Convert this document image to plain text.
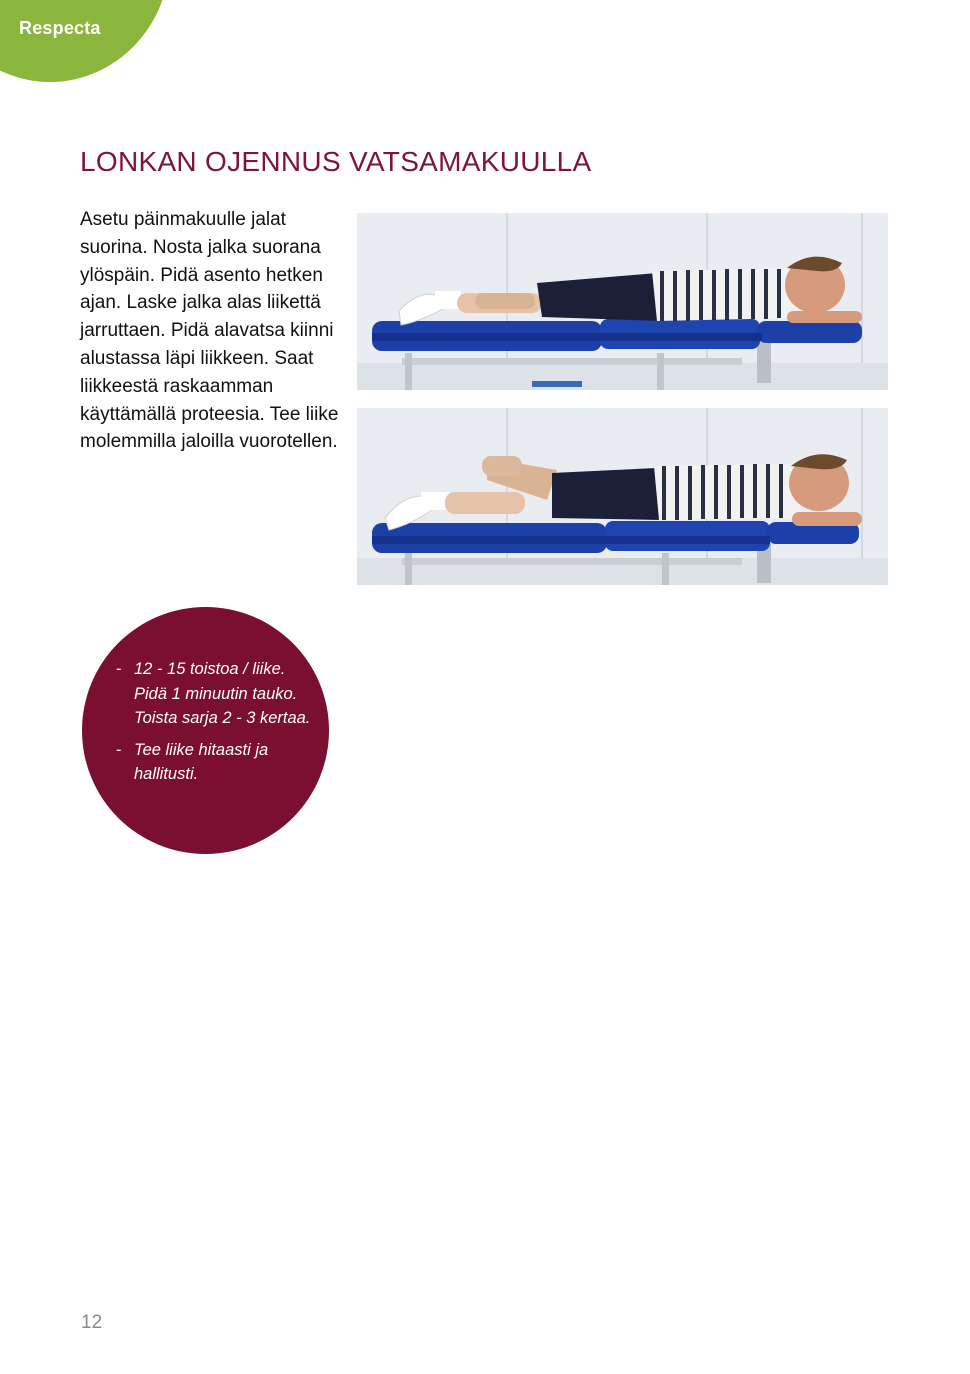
Respecta
LONKAN OJENNUS VATSAMAKUULLA

Asetu päinmakuulle jalat suorina. Nosta jalka suorana ylöspäin. Pidä asento hetken ajan. Laske jalka alas liikettä jarruttaen. Pidä alavatsa kiinni alustassa läpi liikkeen. Saat liikkeestä raskaamman käyttämällä proteesia. Tee liike molemmilla jaloilla vuorotellen.

- 12 - 15 toistoa / liike. Pidä 1 minuutin tauko. Toista sarja 2 - 3 kertaa.
- Tee liike hitaasti ja hallitusti.
12
